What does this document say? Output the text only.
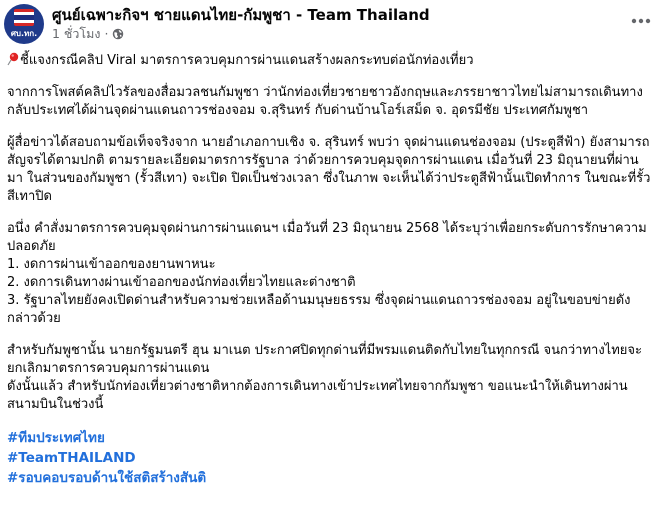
ศบ.ทก.
ศูนย์เฉพาะกิจฯ ชายแดนไทย-กัมพูชา - Team Thailand
1 ชั่วโมง ·

ชี้แจงกรณีคลิป Viral มาตรการควบคุมการผ่านแดนสร้างผลกระทบต่อนักท่องเที่ยว

จากการโพสต์คลิปไวรัลของสื่อมวลชนกัมพูชา ว่านักท่องเที่ยวชายชาวอังกฤษและภรรยาชาวไทยไม่สามารถเดินทางกลับประเทศได้ผ่านจุดผ่านแดนถาวรช่องจอม จ.สุรินทร์ กับด่านบ้านโอร์เสม็ด จ. อุดรมีชัย ประเทศกัมพูชา

ผู้สื่อข่าวได้สอบถามข้อเท็จจริงจาก นายอำเภอกาบเชิง จ. สุรินทร์ พบว่า จุดผ่านแดนช่องจอม (ประตูสีฟ้า) ยังสามารถสัญจรได้ตามปกติ ตามรายละเอียดมาตรการรัฐบาล ว่าด้วยการควบคุมจุดการผ่านแดน เมื่อวันที่ 23 มิถุนายนที่ผ่านมา ในส่วนของกัมพูชา (รั้วสีเทา) จะเปิด ปิดเป็นช่วงเวลา ซึ่งในภาพ จะเห็นได้ว่าประตูสีฟ้านั้นเปิดทำการ ในขณะที่รั้วสีเทาปิด

อนึ่ง คำสั่งมาตรการควบคุมจุดผ่านการผ่านแดนฯ เมื่อวันที่ 23 มิถุนายน 2568 ได้ระบุว่าเพื่อยกระดับการรักษาความปลอดภัย
1. งดการผ่านเข้าออกของยานพาหนะ
2. งดการเดินทางผ่านเข้าออกของนักท่องเที่ยวไทยและต่างชาติ
3. รัฐบาลไทยยังคงเปิดด่านสำหรับความช่วยเหลือด้านมนุษยธรรม ซึ่งจุดผ่านแดนถาวรช่องจอม อยู่ในขอบข่ายดังกล่าวด้วย

สำหรับกัมพูชานั้น นายกรัฐมนตรี ฮุน มาเนต ประกาศปิดทุกด่านที่มีพรมแดนติดกับไทยในทุกกรณี จนกว่าทางไทยจะยกเลิกมาตรการควบคุมการผ่านแดน

ดังนั้นแล้ว สำหรับนักท่องเที่ยวต่างชาติหากต้องการเดินทางเข้าประเทศไทยจากกัมพูชา ขอแนะนำให้เดินทางผ่านสนามบินในช่วงนี้

#ทีมประเทศไทย
#TeamTHAILAND
#รอบคอบรอบด้านใช้สติสร้างสันติ
